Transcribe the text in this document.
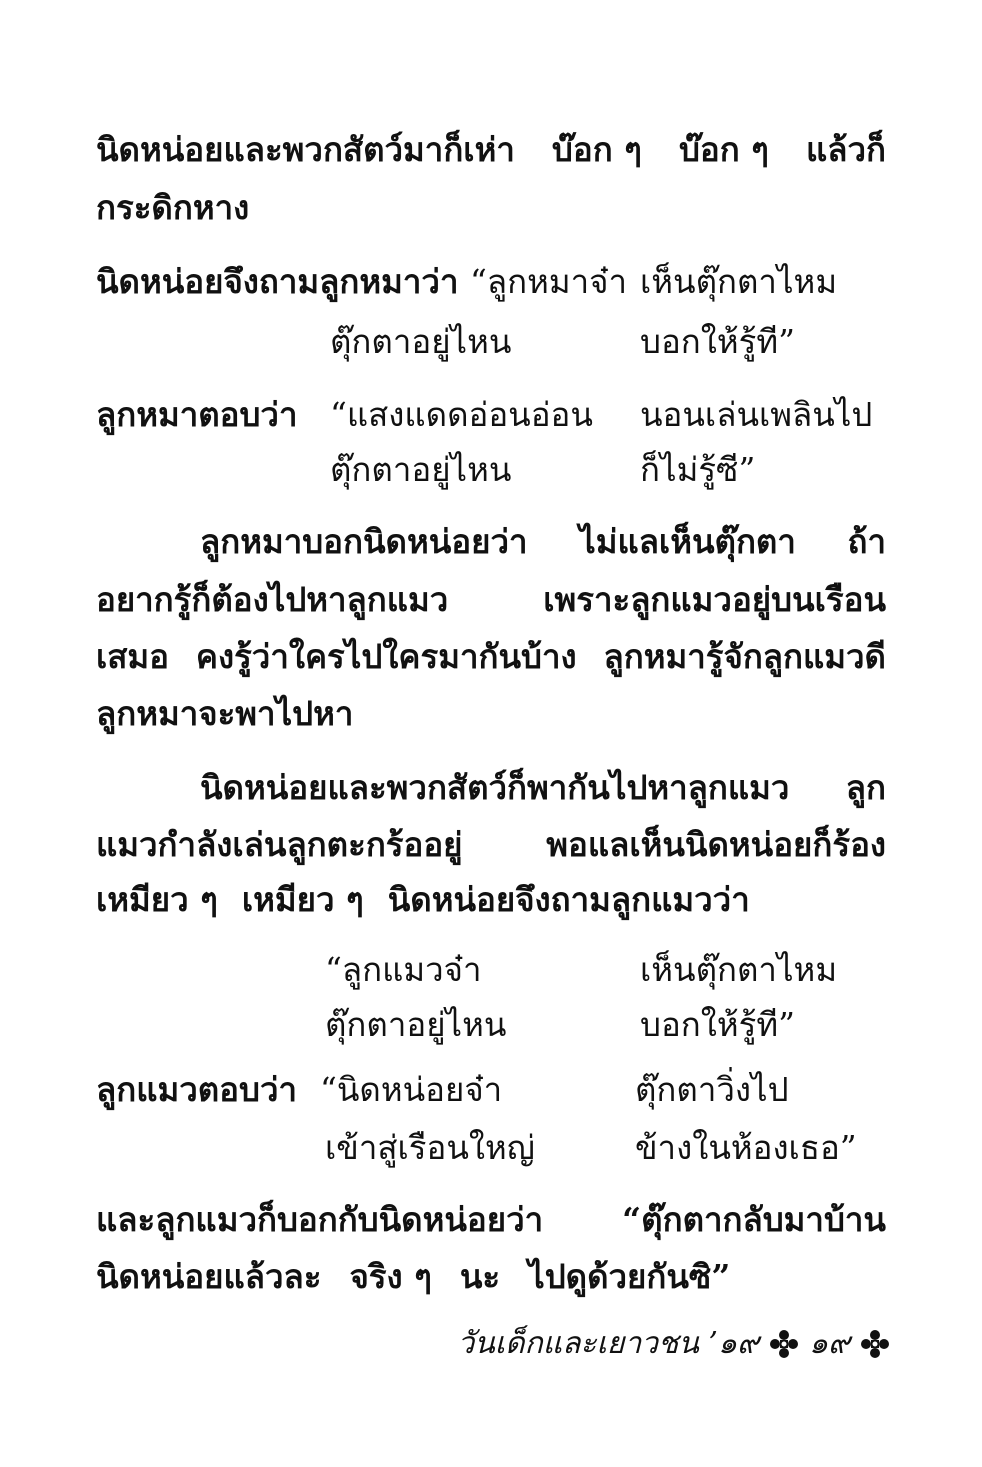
นิดหน่อยและพวกสัตว์มาก็เห่า บ๊อก ๆ บ๊อก ๆ แล้วก็
กระดิกหาง
นิดหน่อยจึงถามลูกหมาว่า “ลูกหมาจ๋า เห็นตุ๊กตาไหม
ตุ๊กตาอยู่ไหน	บอกให้รู้ที”
ลูกหมาตอบว่า “แสงแดดอ่อนอ่อน นอนเล่นเพลินไป
ตุ๊กตาอยู่ไหน	ก็ไม่รู้ซี”
ลูกหมาบอกนิดหน่อยว่า ไม่แลเห็นตุ๊กตา ถ้า
อยากรู้ก็ต้องไปหาลูกแมว	เพราะลูกแมวอยู่บนเรือน
เสมอ คงรู้ว่าใครไปใครมากันบ้าง ลูกหมารู้จักลูกแมวดี
ลูกหมาจะพาไปหา
นิดหน่อยและพวกสัตว์ก็พากันไปหาลูกแมว ลูก
แมวกำลังเล่นลูกตะกร้ออยู่	พอแลเห็นนิดหน่อยก็ร้อง
เหมียว ๆ เหมียว ๆ นิดหน่อยจึงถามลูกแมวว่า
“ลูกแมวจ๋า	เห็นตุ๊กตาไหม
ตุ๊กตาอยู่ไหน	บอกให้รู้ที”
ลูกแมวตอบว่า “นิดหน่อยจ๋า	ตุ๊กตาวิ่งไป
เข้าสู่เรือนใหญ่	ข้างในห้องเธอ”
และลูกแมวก็บอกกับนิดหน่อยว่า “ตุ๊กตากลับมาบ้าน
นิดหน่อยแล้วละ จริง ๆ นะ ไปดูด้วยกันซิ”
วันเด็กและเยาวชน ’๑๙ ๑๙
